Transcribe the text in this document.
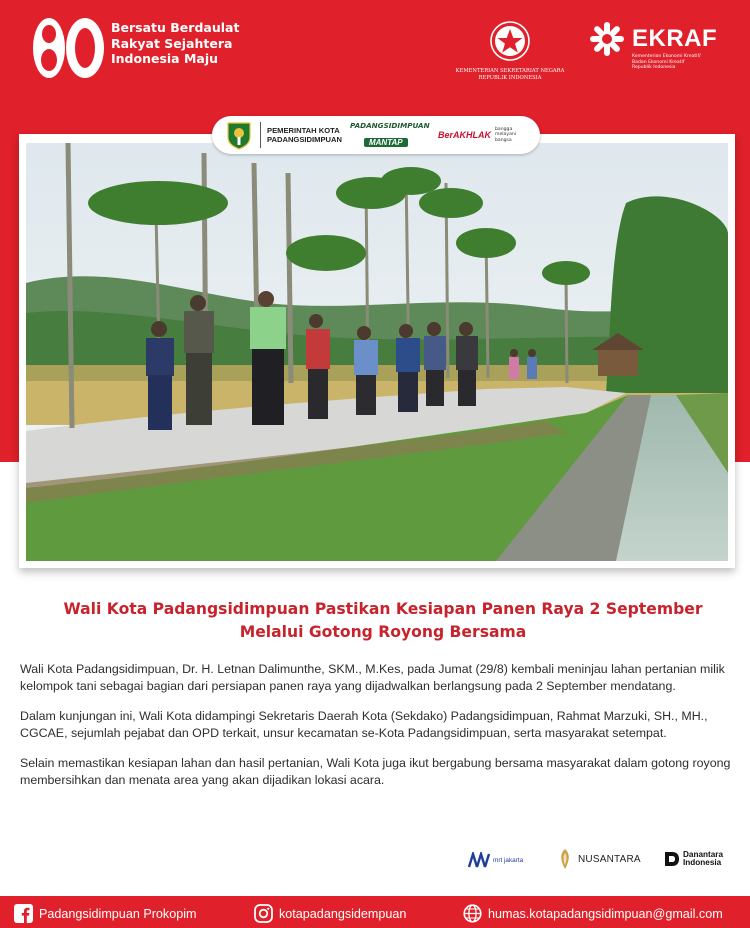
Bersatu Berdaulat
Rakyat Sejahtera
Indonesia Maju
KEMENTERIAN SEKRETARIAT NEGARA
REPUBLIK INDONESIA
EKRAF
Kementerian Ekonomi Kreatif/
Badan Ekonomi Kreatif
Republik Indonesia
PEMERINTAH KOTA
PADANGSIDIMPUAN
PADANGSIDIMPUAN
MANTAP
BerAKHLAK
bangga
melayani
bangsa
Wali Kota Padangsidimpuan Pastikan Kesiapan Panen Raya 2 September
Melalui Gotong Royong Bersama

Wali Kota Padangsidimpuan, Dr. H. Letnan Dalimunthe, SKM., M.Kes, pada Jumat (29/8) kembali meninjau lahan pertanian milik kelompok tani sebagai bagian dari persiapan panen raya yang dijadwalkan berlangsung pada 2 September mendatang.

Dalam kunjungan ini, Wali Kota didampingi Sekretaris Daerah Kota (Sekdako) Padangsidimpuan, Rahmat Marzuki, SH., MH., CGCAE, sejumlah pejabat dan OPD terkait, unsur kecamatan se-Kota Padangsidimpuan, serta masyarakat setempat.

Selain memastikan kesiapan lahan dan hasil pertanian, Wali Kota juga ikut bergabung bersama masyarakat dalam gotong royong membersihkan dan menata area yang akan dijadikan lokasi acara.

mrt jakarta	NUSANTARA	Danantara
Indonesia
Padangsidimpuan Prokopim	kotapadangsidempuan	humas.kotapadangsidimpuan@gmail.com
